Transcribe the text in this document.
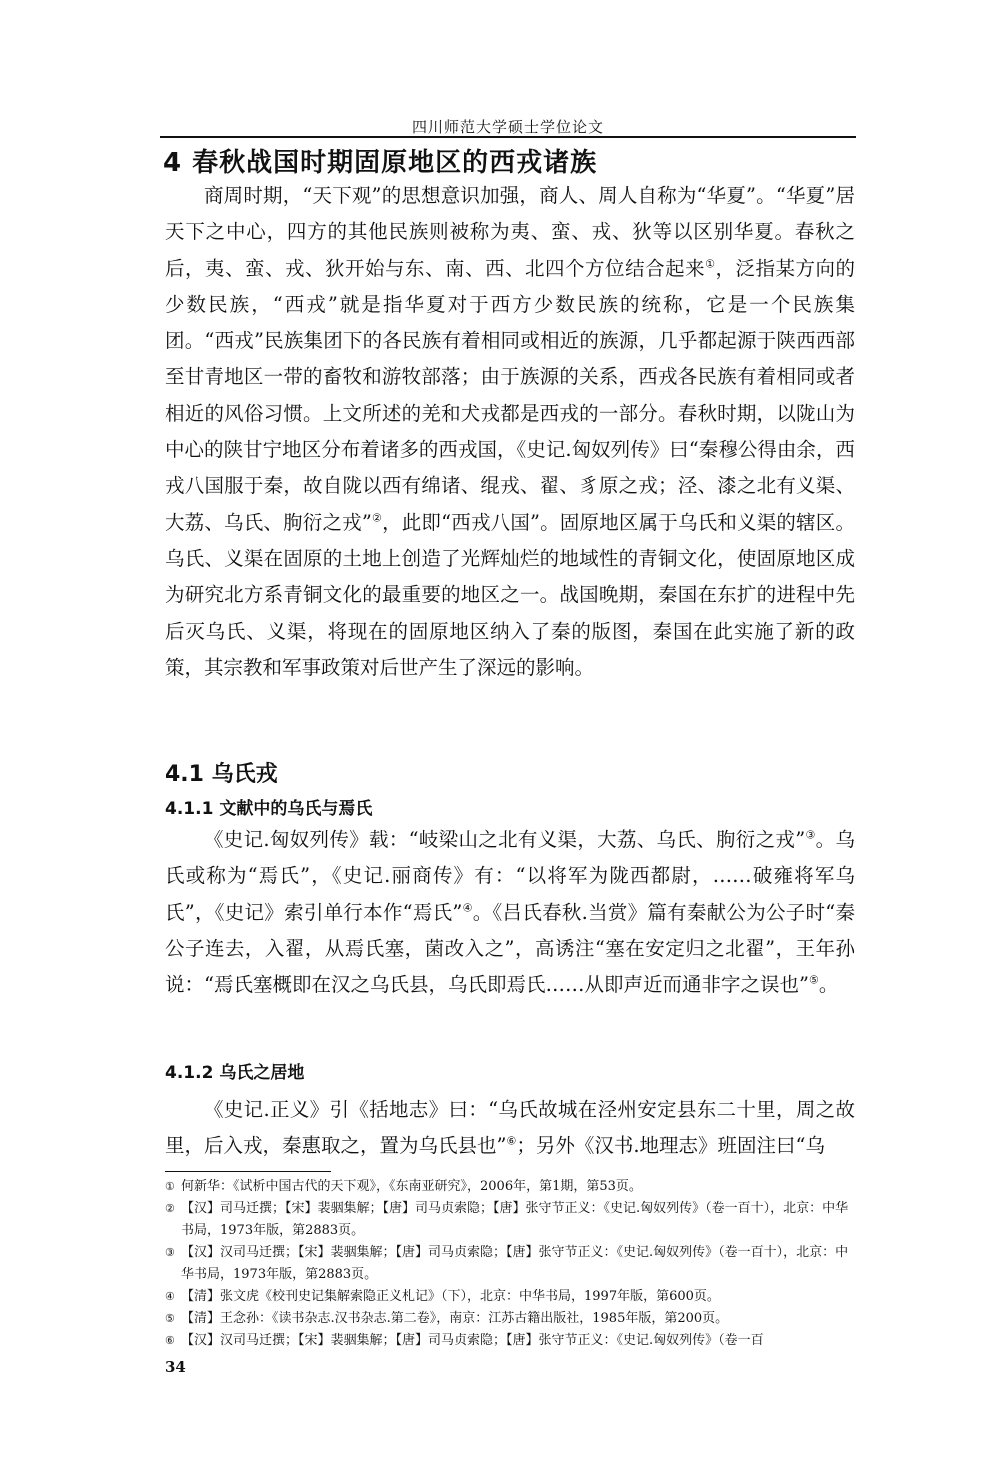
四川师范大学硕士学位论文
4 春秋战国时期固原地区的西戎诸族

商周时期，“天下观”的思想意识加强，商人、周人自称为“华夏”。“华夏”居天下之中心，四方的其他民族则被称为夷、蛮、戎、狄等以区别华夏。春秋之后，夷、蛮、戎、狄开始与东、南、西、北四个方位结合起来①，泛指某方向的少数民族，“西戎”就是指华夏对于西方少数民族的统称，它是一个民族集团。“西戎”民族集团下的各民族有着相同或相近的族源，几乎都起源于陕西西部至甘青地区一带的畜牧和游牧部落；由于族源的关系，西戎各民族有着相同或者相近的风俗习惯。上文所述的羌和犬戎都是西戎的一部分。春秋时期，以陇山为中心的陕甘宁地区分布着诸多的西戎国，《史记.匈奴列传》曰“秦穆公得由余，西戎八国服于秦，故自陇以西有绵诸、绲戎、翟、豸原之戎；泾、漆之北有义渠、大荔、乌氏、朐衍之戎”②，此即“西戎八国”。固原地区属于乌氏和义渠的辖区。乌氏、义渠在固原的土地上创造了光辉灿烂的地域性的青铜文化，使固原地区成为研究北方系青铜文化的最重要的地区之一。战国晚期，秦国在东扩的进程中先后灭乌氏、义渠，将现在的固原地区纳入了秦的版图，秦国在此实施了新的政策，其宗教和军事政策对后世产生了深远的影响。

4.1 乌氏戎
4.1.1 文献中的乌氏与焉氏

《史记.匈奴列传》载：“岐梁山之北有义渠，大荔、乌氏、朐衍之戎”③。乌氏或称为“焉氏”，《史记.丽商传》有：“以将军为陇西都尉，……破雍将军乌氏”，《史记》索引单行本作“焉氏”④。《吕氏春秋.当赏》篇有秦献公为公子时“秦公子连去，入翟，从焉氏塞，菌改入之”，高诱注“塞在安定归之北翟”，王年孙说：“焉氏塞概即在汉之乌氏县，乌氏即焉氏……从即声近而通非字之误也”⑤。

4.1.2 乌氏之居地

《史记.正义》引《括地志》曰：“乌氏故城在泾州安定县东二十里，周之故里，后入戎，秦惠取之，置为乌氏县也”⑥；另外《汉书.地理志》班固注曰“乌

① 何新华：《试析中国古代的天下观》，《东南亚研究》，2006年，第1期，第53页。
② 【汉】司马迁撰；【宋】裴骃集解；【唐】司马贞索隐；【唐】张守节正义：《史记.匈奴列传》（卷一百十），北京：中华书局，1973年版，第2883页。
③ 【汉】汉司马迁撰；【宋】裴骃集解；【唐】司马贞索隐；【唐】张守节正义：《史记.匈奴列传》（卷一百十），北京：中华书局，1973年版，第2883页。
④ 【清】张文虎《校刊史记集解索隐正义札记》（下），北京：中华书局，1997年版，第600页。
⑤ 【清】王念孙：《读书杂志.汉书杂志.第二卷》，南京：江苏古籍出版社，1985年版，第200页。
⑥ 【汉】汉司马迁撰；【宋】裴骃集解；【唐】司马贞索隐；【唐】张守节正义：《史记.匈奴列传》（卷一百
34
